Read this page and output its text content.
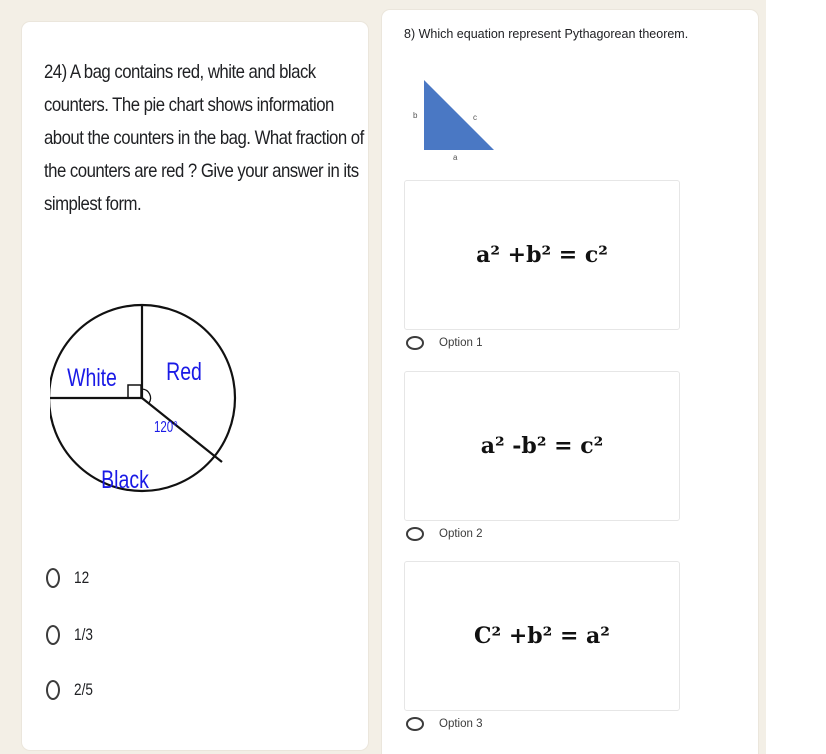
24) A bag contains red, white and black counters. The pie chart shows information about the counters in the bag. What fraction of the counters are red ? Give your answer in its simplest form.
White Red
Black
120°
12
1/3
2/5
8) Which equation represent Pythagorean theorem.
b	c
a
a² +b² = c²
Option 1
a² -b² = c²
Option 2
C² +b² = a²
Option 3
